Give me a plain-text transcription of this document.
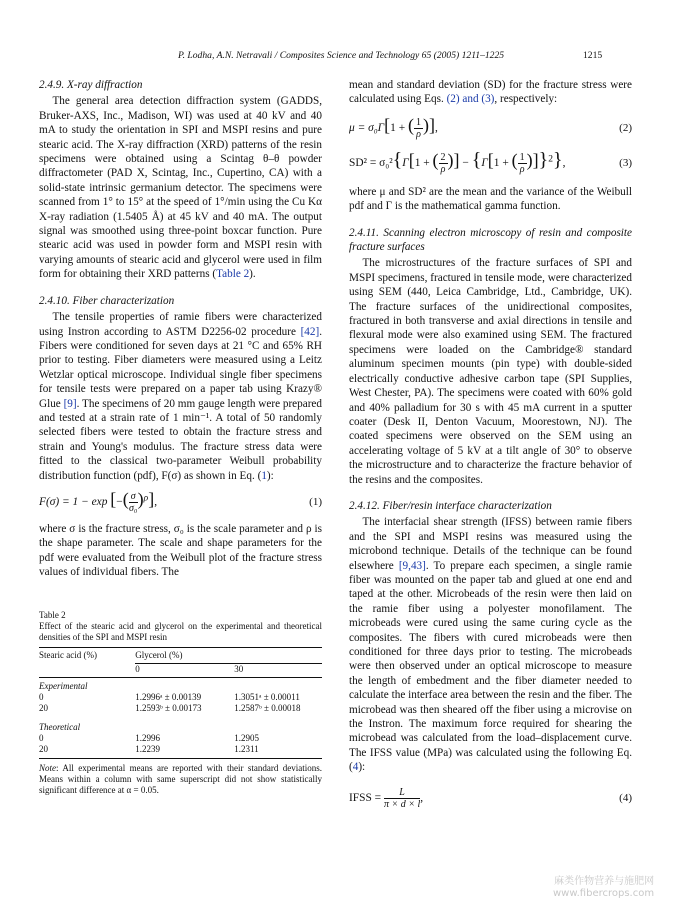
P. Lodha, A.N. Netravali / Composites Science and Technology 65 (2005) 1211–1225	1215
2.4.9. X-ray diffraction

The general area detection diffraction system (GADDS, Bruker-AXS, Inc., Madison, WI) was used at 40 kV and 40 mA to study the orientation in SPI and MSPI resins and pure stearic acid. The X-ray diffraction (XRD) patterns of the resin specimens were obtained using a Scintag θ–θ powder diffractometer (PAD X, Scintag, Inc., Cupertino, CA) with a solid-state intrinsic germanium detector. The specimens were scanned from 1° to 15° at the speed of 1°/min using the Cu Kα X-ray radiation (1.5405 Å) at 45 kV and 40 mA. The output signal was smoothed using three-point boxcar function. Pure stearic acid was used in powder form and MSPI resin with varying amounts of stearic acid and glycerol were used in film form for obtaining their XRD patterns (Table 2).

2.4.10. Fiber characterization

The tensile properties of ramie fibers were characterized using Instron according to ASTM D2256-02 procedure [42]. Fibers were conditioned for seven days at 21 °C and 65% RH prior to testing. Fiber diameters were measured using a Leitz Wetzlar optical microscope. Individual single fiber specimens for tensile tests were prepared on a paper tab using Krazy® Glue [9]. The specimens of 20 mm gauge length were prepared and tested at a strain rate of 1 min⁻¹. A total of 50 randomly selected fibers were tested to obtain the fracture stress and strain and Young's modulus. The fracture stress data were fitted to the classical two-parameter Weibull probability distribution function (pdf), F(σ) as shown in Eq. (1):

F(σ) = 1 − exp [−( $\frac{\sigma}{\text{σ₀}} )^\rho$],	(1)

where σ is the fracture stress, σ₀ is the scale parameter and ρ is the shape parameter. The scale and shape parameters for the pdf were evaluated from the Weibull plot of the fracture stress values of individual fibers. The

Table 2
Effect of the stearic acid and glycerol on the experimental and theoretical densities of the SPI and MSPI resin
Stearic acid (%)	Glycerol (%)	

	0	30
Experimental		
0	1.2996ᵃ ± 0.00139	1.3051ᵃ ± 0.00011
20	1.2593ᵇ ± 0.00173	1.2587ᵇ ± 0.00018
Theoretical		
0	1.2996	1.2905
20	1.2239	1.2311
Note: All experimental means are reported with their standard deviations. Means within a column with same superscript did not show statistically significant difference at α = 0.05.

mean and standard deviation (SD) for the fracture stress were calculated using Eqs. (2) and (3), respectively:

μ = σ₀Γ[1 + ( $\frac{1}{\rho}$ )],	(2)
SD² = σ₀²{Γ[1 + ( $\frac{2}{\rho}$ )] − {Γ[1 + ( $\frac{1}{\rho} )]\}^2$},	(3)

where μ and SD² are the mean and the variance of the Weibull pdf and Γ is the mathematical gamma function.

2.4.11. Scanning electron microscopy of resin and composite fracture surfaces

The microstructures of the fracture surfaces of SPI and MSPI specimens, fractured in tensile mode, were characterized using SEM (440, Leica Cambridge, Ltd., Cambridge, UK). The fracture surfaces of the unidirectional composites, fractured in both transverse and axial directions in tensile and flexural mode were also examined using SEM. The fractured specimens were loaded on the Cambridge® standard aluminum specimen mounts (pin type) with double-sided electrically conductive adhesive carbon tape (SPI Supplies, West Chester, PA). The specimens were coated with 60% gold and 40% palladium for 30 s with 45 mA current in a sputter coater (Desk II, Denton Vacuum, Moorestown, NJ). The coated specimens were observed on the SEM using an accelerating voltage of 5 kV at a tilt angle of 30° to observe the microstructure and to characterize the fracture behavior of the resins and the composites.

2.4.12. Fiber/resin interface characterization

The interfacial shear strength (IFSS) between ramie fibers and the SPI and MSPI resins was measured using the microbond technique. Details of the technique can be found elsewhere [9,43]. To prepare each specimen, a single ramie fiber was mounted on the paper tab and glued at one end and taped at the other. Microbeads of the resin were then laid on the ramie fiber using a polyester monofilament. The microbeads were cured using the same curing cycle as the composites. The fibers with cured microbeads were then conditioned for three days prior to testing. The microbeads were then observed under an optical microscope to measure the length of embedment and the fiber diameter needed to calculate the interface area between the resin and the fiber. The microbead was then sheared off the fiber using a microvise on the Instron. The maximum force required for shearing the microbead was calculated from the load–displacement curve. The IFSS value (MPa) was calculated using the following Eq. (4):

IFSS = $\frac{L}{\pi \times d \times l}$ ,	(4)
麻类作物营养与施肥网
www.fibercrops.com
